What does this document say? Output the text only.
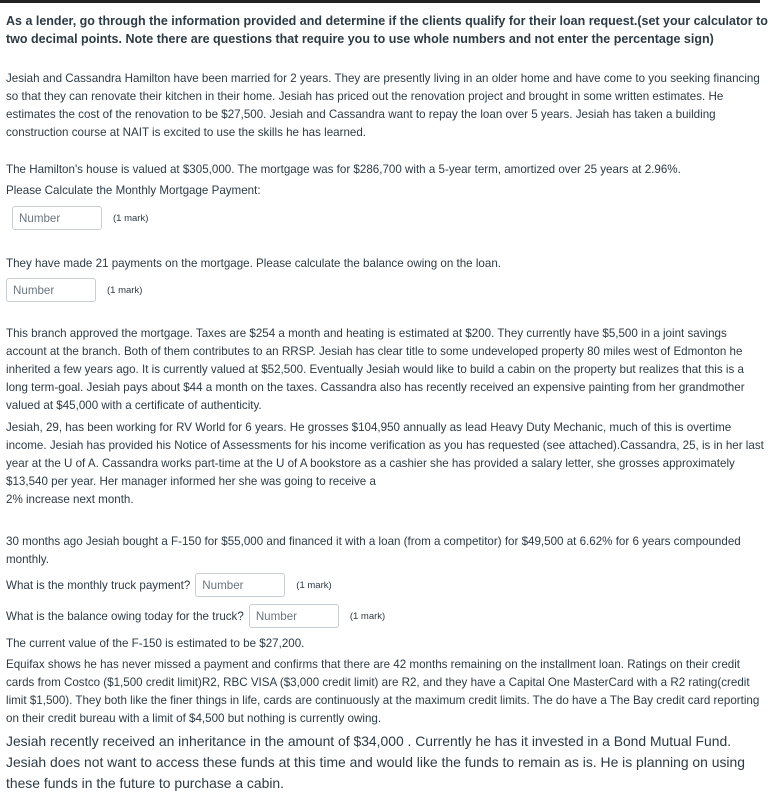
As a lender, go through the information provided and determine if the clients qualify for their loan request.(set your calculator to two decimal points. Note there are questions that require you to use whole numbers and not enter the percentage sign)
Jesiah and Cassandra Hamilton have been married for 2 years. They are presently living in an older home and have come to you seeking financing so that they can renovate their kitchen in their home. Jesiah has priced out the renovation project and brought in some written estimates. He estimates the cost of the renovation to be $27,500. Jesiah and Cassandra want to repay the loan over 5 years. Jesiah has taken a building construction course at NAIT is excited to use the skills he has learned.
The Hamilton's house is valued at $305,000. The mortgage was for $286,700 with a 5-year term, amortized over 25 years at 2.96%.
Please Calculate the Monthly Mortgage Payment:
Number
(1 mark)
They have made 21 payments on the mortgage. Please calculate the balance owing on the loan.
Number
(1 mark)
This branch approved the mortgage. Taxes are $254 a month and heating is estimated at $200. They currently have $5,500 in a joint savings account at the branch. Both of them contributes to an RRSP. Jesiah has clear title to some undeveloped property 80 miles west of Edmonton he inherited a few years ago. It is currently valued at $52,500. Eventually Jesiah would like to build a cabin on the property but realizes that this is a long term-goal. Jesiah pays about $44 a month on the taxes. Cassandra also has recently received an expensive painting from her grandmother valued at $45,000 with a certificate of authenticity.
Jesiah, 29, has been working for RV World for 6 years. He grosses $104,950 annually as lead Heavy Duty Mechanic, much of this is overtime income. Jesiah has provided his Notice of Assessments for his income verification as you has requested (see attached).Cassandra, 25, is in her last year at the U of A. Cassandra works part-time at the U of A bookstore as a cashier she has provided a salary letter, she grosses approximately $13,540 per year. Her manager informed her she was going to receive a
2% increase next month.
30 months ago Jesiah bought a F-150 for $55,000 and financed it with a loan (from a competitor) for $49,500 at 6.62% for 6 years compounded monthly.
What is the monthly truck payment?
Number	(1 mark)
What is the balance owing today for the truck?
Number	(1 mark)
The current value of the F-150 is estimated to be $27,200.
Equifax shows he has never missed a payment and confirms that there are 42 months remaining on the installment loan. Ratings on their credit cards from Costco ($1,500 credit limit)R2, RBC VISA ($3,000 credit limit) are R2, and they have a Capital One MasterCard with a R2 rating(credit limit $1,500). They both like the finer things in life, cards are continuously at the maximum credit limits. The do have a The Bay credit card reporting on their credit bureau with a limit of $4,500 but nothing is currently owing.
Jesiah recently received an inheritance in the amount of $34,000 . Currently he has it invested in a Bond Mutual Fund. Jesiah does not want to access these funds at this time and would like the funds to remain as is. He is planning on using these funds in the future to purchase a cabin.
